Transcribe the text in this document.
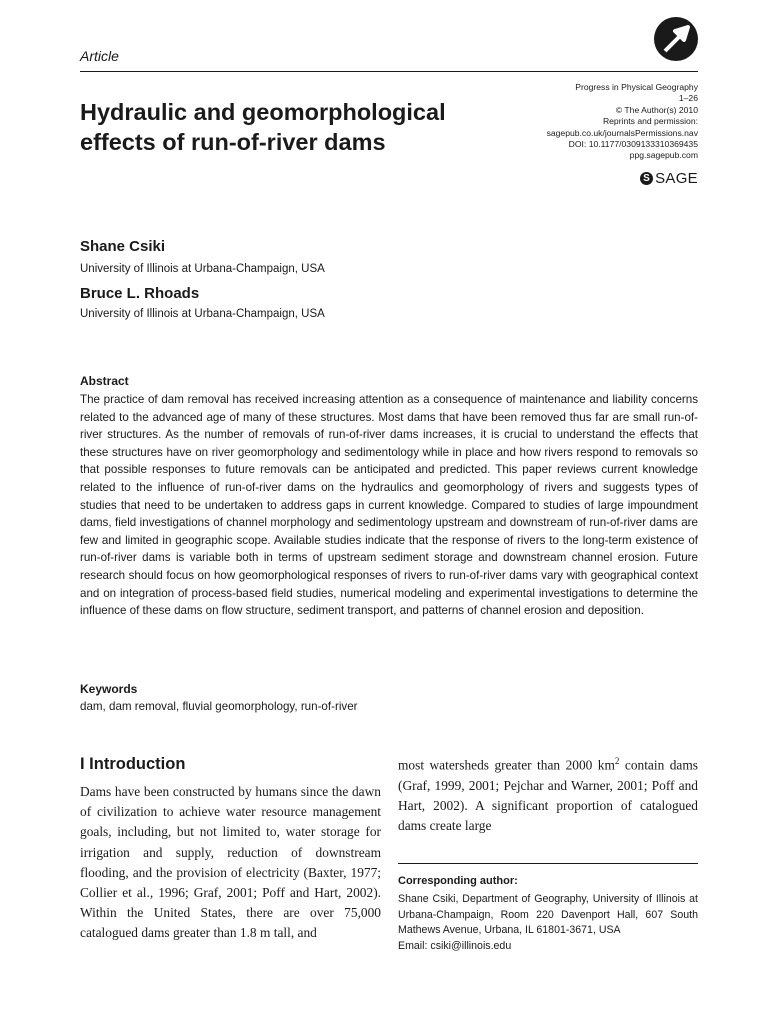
Article
Progress in Physical Geography
1–26
© The Author(s) 2010
Reprints and permission:
sagepub.co.uk/journalsPermissions.nav
DOI: 10.1177/0309133310369435
ppg.sagepub.com
S SAGE
Hydraulic and geomorphological effects of run-of-river dams
Shane Csiki
University of Illinois at Urbana-Champaign, USA
Bruce L. Rhoads
University of Illinois at Urbana-Champaign, USA
Abstract
The practice of dam removal has received increasing attention as a consequence of maintenance and liability concerns related to the advanced age of many of these structures. Most dams that have been removed thus far are small run-of-river structures. As the number of removals of run-of-river dams increases, it is crucial to understand the effects that these structures have on river geomorphology and sedimentology while in place and how rivers respond to removals so that possible responses to future removals can be anticipated and predicted. This paper reviews current knowledge related to the influence of run-of-river dams on the hydraulics and geomorphology of rivers and suggests types of studies that need to be undertaken to address gaps in current knowledge. Compared to studies of large impoundment dams, field investigations of channel morphology and sedimentology upstream and downstream of run-of-river dams are few and limited in geographic scope. Available studies indicate that the response of rivers to the long-term existence of run-of-river dams is variable both in terms of upstream sediment storage and downstream channel erosion. Future research should focus on how geomorphological responses of rivers to run-of-river dams vary with geographical context and on integration of process-based field studies, numerical modeling and experimental investigations to determine the influence of these dams on flow structure, sediment transport, and patterns of channel erosion and deposition.
Keywords
dam, dam removal, fluvial geomorphology, run-of-river
I Introduction
Dams have been constructed by humans since the dawn of civilization to achieve water resource management goals, including, but not limited to, water storage for irrigation and supply, reduction of downstream flooding, and the provision of electricity (Baxter, 1977; Collier et al., 1996; Graf, 2001; Poff and Hart, 2002). Within the United States, there are over 75,000 catalogued dams greater than 1.8 m tall, and
most watersheds greater than 2000 $km^2$ contain dams (Graf, 1999, 2001; Pejchar and Warner, 2001; Poff and Hart, 2002). A significant proportion of catalogued dams create large
Corresponding author:
Shane Csiki, Department of Geography, University of Illinois at Urbana-Champaign, Room 220 Davenport Hall, 607 South Mathews Avenue, Urbana, IL 61801-3671, USA
Email: csiki@illinois.edu
